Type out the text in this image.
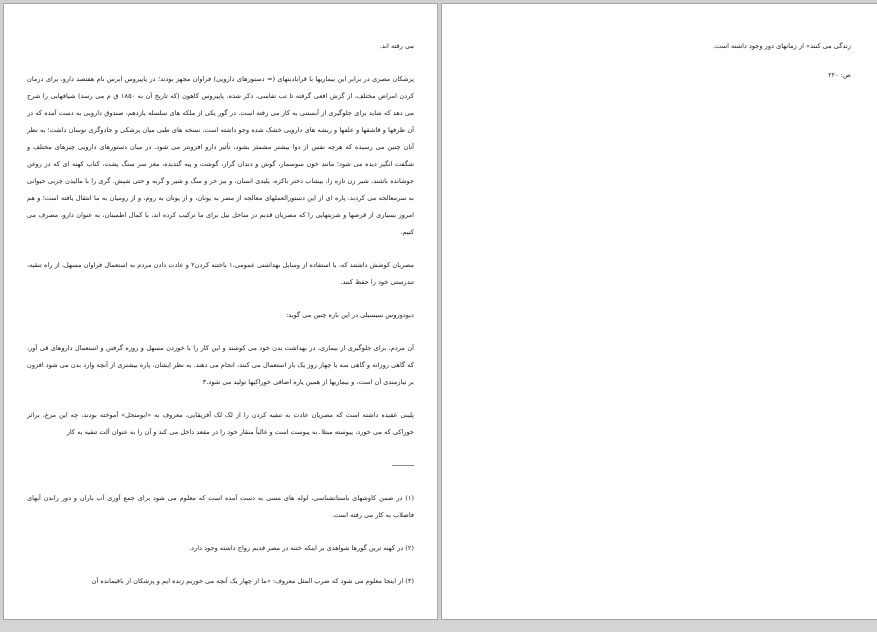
می رفته اند.

پزشکان مصری در برابر این بیماریها با قرابادینهای (= دستورهای دارویی) فراوان مجهز بودند؛ در پاپیروس ابرس نام هفتصد دارو، برای درمان کردن امراض مختلف، از گزش افعی گرفته تا تب تفاسی، ذکر شده. پاپیروس کاهون (که تاریخ آن به ۱۸۵۰ ق م می رسد) شیافهایی را شرح می دهد که شاید برای جلوگیری از آبستنی به کار می رفته است. در گور یکی از ملکه های سلسله یازدهم، صندوق دارویی به دست آمده که در آن ظرفها و قاشقها و علفها و ریشه های دارویی خشک شده وجو داشته است. نسخه های طبی میان پزشکی و جادوگری نوسان داشت؛ به نظر آنان چنین می رسیده که هرچه نفس از دوا بیشتر مشمئز بشود، تأثیر دارو افزونتر می شود. در میان دستورهای دارویی چیزهای مختلف و شگفت انگیز دیده می شود؛ مانند خون سوسمار، گوش و دندان گراز، گوشت و پیه گندیده، مغز سر سنگ پشت، کتاب کهنه ای که در روغن جوشانده باشند، شیر زن تازه زا، پیشاب دختر باکره، پلیدی انسان، و نیز خر و سگ و شیر و گربه و حتی شپش. گری را با مالیدن چربی حیوانی به سرمعالجه می کردند. پاره ای از این دستورالعملهای معالجه از مصر به یونان، و از یونان به روم، و از رومیان به ما انتقال یافته است؛ و هم امروز بسیاری از قرصها و شربتهایی را که مصریان قدیم در ساحل نیل برای ما ترکیب کرده اند، با کمال اطمینان، به عنوان دارو، مصرف می کنیم.

مصریان کوشش داشتند که، با استفاده از وسایل بهداشتی عمومی،۱ باختنه کردن۲ و عادت دادن مردم به استعمال فراوان مسهل، از راه تنقیه، تندرستی خود را حفظ کنند.

دیودوروس سیسیلی در این باره چنین می گوید:

آن مردم، برای جلوگیری از بیماری، در بهداشت بدن خود می کوشند و این کار را با خوردن مسهل و روزه گرفتن و استعمال داروهای قی آور، که گاهی روزانه و گاهی سه یا چهار روز یک بار استعمال می کنند، انجام می دهند. به نظر ایشان، پاره بیشتری از آنچه وارد بدن می شود افزون بر نیازمندی آن است، و بیماریها از همین پاره اضافی خوراکیها تولید می شود.۳

پلینی عقیده داشته است که مصریان عادت به تنقیه کردن را از لک لک آفریقایی، معروف به «ایومنجل» آموخته بودند، چه این مرغ، براثر خوراکی که می خورد، پیوسته مبتلا۔به یبوست است و غالباً منقار خود را در مقعد داخل می کند و آن را به عنوان آلت تنقیه به کار

(۱) در ضمن کاوشهای باستانشناسی، لوله های مسی به دست آمده است که معلوم می شود برای جمع آوری آب باران و دور راندن آبهای فاضلاب به کار می رفته است.

(۲) در کهنه ترین گورها شواهدی بر اینکه ختنه در مصر قدیم رواج داشته وجود دارد.

(۳) از اینجا معلوم می شود که ضرب المثل معروف: «ما از چهار یک آنچه می خوریم زنده ایم و پزشکان از باقیمانده آن

زندگی می کنند» از زمانهای دور وجود داشته است.

ص: ۲۲۰
